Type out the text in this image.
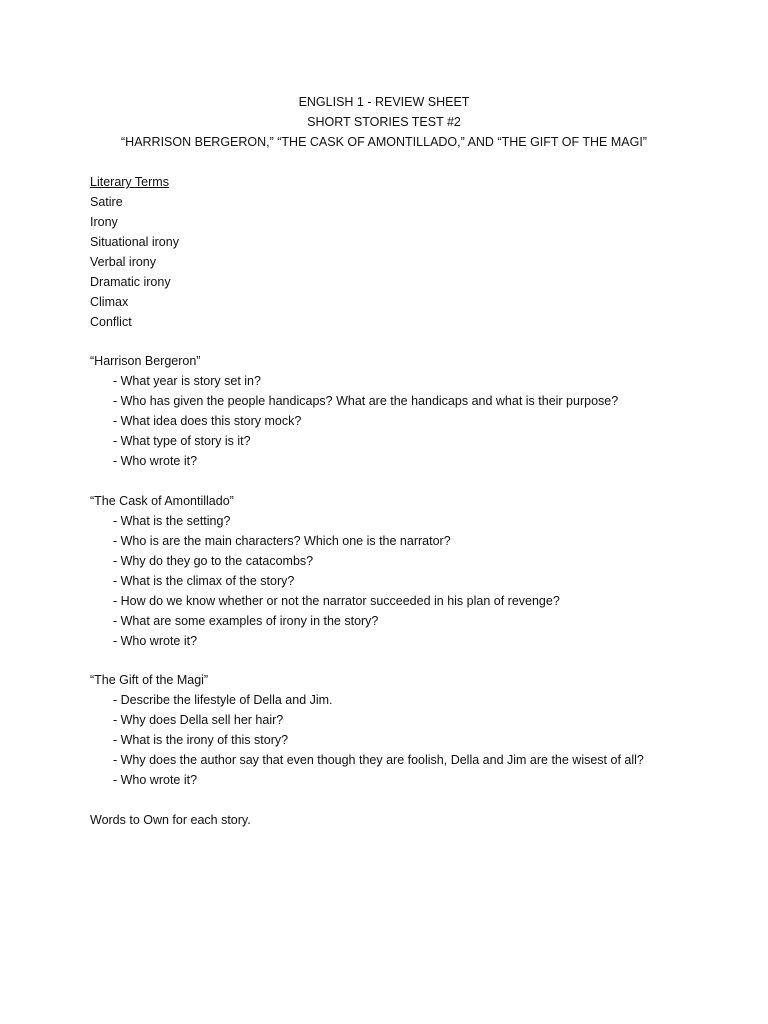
ENGLISH 1 - REVIEW SHEET
SHORT STORIES TEST #2
“HARRISON BERGERON,” “THE CASK OF AMONTILLADO,” AND “THE GIFT OF THE MAGI”
Literary Terms
Satire
Irony
Situational irony
Verbal irony
Dramatic irony
Climax
Conflict
“Harrison Bergeron”
- What year is story set in?
- Who has given the people handicaps? What are the handicaps and what is their purpose?
- What idea does this story mock?
- What type of story is it?
- Who wrote it?
“The Cask of Amontillado”
- What is the setting?
- Who is are the main characters? Which one is the narrator?
- Why do they go to the catacombs?
- What is the climax of the story?
- How do we know whether or not the narrator succeeded in his plan of revenge?
- What are some examples of irony in the story?
- Who wrote it?
“The Gift of the Magi”
- Describe the lifestyle of Della and Jim.
- Why does Della sell her hair?
- What is the irony of this story?
- Why does the author say that even though they are foolish, Della and Jim are the wisest of all?
- Who wrote it?
Words to Own for each story.
